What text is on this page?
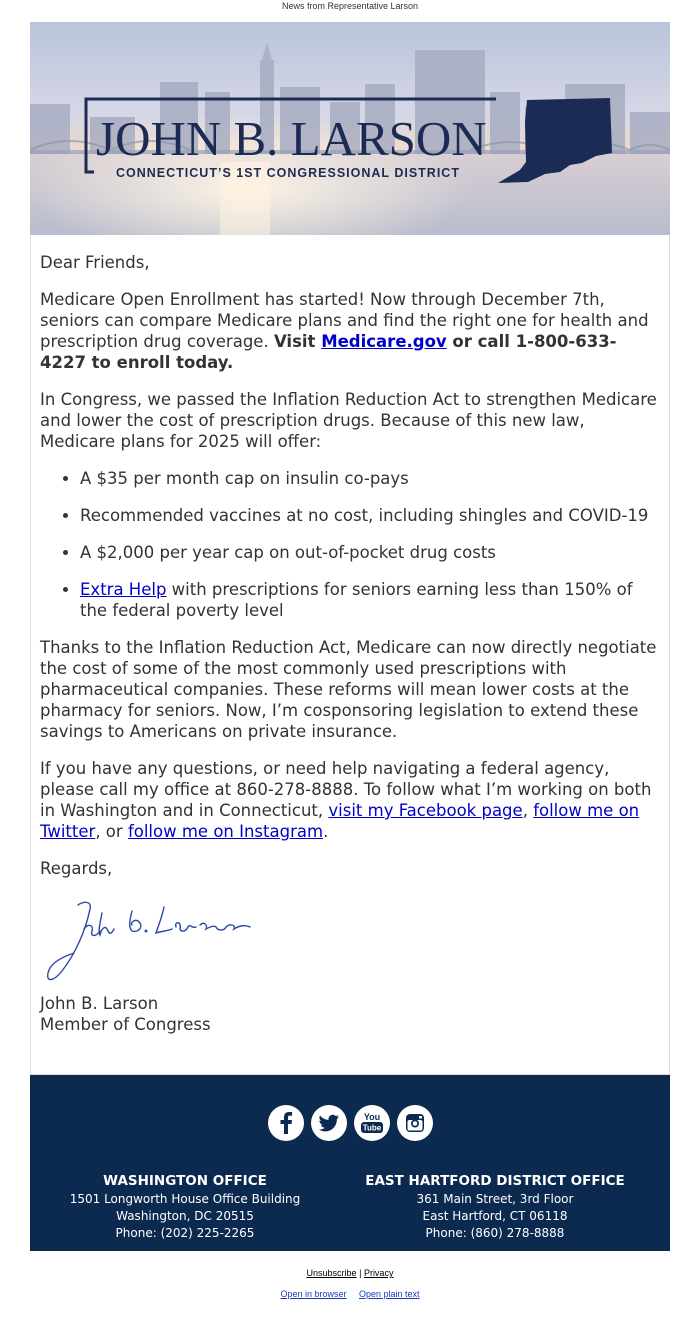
News from Representative Larson
JOHN B. LARSON
CONNECTICUT’S 1ST CONGRESSIONAL DISTRICT

Dear Friends,

Medicare Open Enrollment has started! Now through December 7th, seniors can compare Medicare plans and find the right one for health and prescription drug coverage. Visit Medicare.gov or call 1-800-633-4227 to enroll today.

In Congress, we passed the Inflation Reduction Act to strengthen Medicare and lower the cost of prescription drugs. Because of this new law, Medicare plans for 2025 will offer:

• A $35 per month cap on insulin co-pays
• Recommended vaccines at no cost, including shingles and COVID-19
• A $2,000 per year cap on out-of-pocket drug costs
• Extra Help with prescriptions for seniors earning less than 150% of the federal poverty level

Thanks to the Inflation Reduction Act, Medicare can now directly negotiate the cost of some of the most commonly used prescriptions with pharmaceutical companies. These reforms will mean lower costs at the pharmacy for seniors. Now, I’m cosponsoring legislation to extend these savings to Americans on private insurance.

If you have any questions, or need help navigating a federal agency, please call my office at 860-278-8888. To follow what I’m working on both in Washington and in Connecticut, visit my Facebook page, follow me on Twitter, or follow me on Instagram.

Regards,

John B. Larson
Member of Congress

You
Tube
WASHINGTON OFFICE
1501 Longworth House Office Building
Washington, DC 20515
Phone: (202) 225-2265
EAST HARTFORD DISTRICT OFFICE
361 Main Street, 3rd Floor
East Hartford, CT 06118
Phone: (860) 278-8888
Unsubscribe | Privacy
Open in browser Open plain text
